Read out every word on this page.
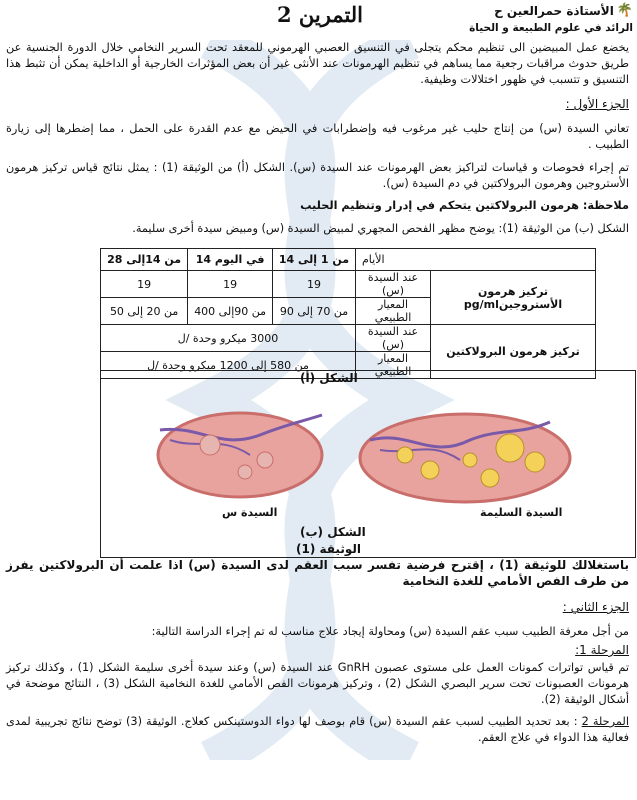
🌴
الأستاذة حمرالعين ح
التمرين 2
الرائد في علوم الطبيعة و الحياة
يخضع عمل المبيضين الى تنظيم محكم يتجلى في التنسيق العصبي الهرموني للمعقد تحت السرير النخامي خلال الدورة الجنسية عن طريق حدوث مراقبات رجعية مما يساهم في تنظيم الهرمونات عند الأنثى غير أن بعض المؤثرات الخارجية أو الداخلية يمكن أن تثبط هذا التنسيق و تتسبب في ظهور اختلالات وظيفية.
الجزء الأول :
تعاني السيدة (س) من إنتاج حليب غير مرغوب فيه وإضطرابات في الحيض مع عدم القدرة على الحمل ، مما إضطرها إلى زيارة الطبيب .
تم إجراء فحوصات و قياسات لتراكيز بعض الهرمونات عند السيدة (س). الشكل (أ) من الوثيقة (1) : يمثل نتائج قياس تركيز هرمون الأستروجين وهرمون البرولاكتين في دم السيدة (س).
ملاحظة: هرمون البرولاكتين يتحكم في إدرار وتنظيم الحليب
الشكل (ب) من الوثيقة (1): يوضح مظهر الفحص المجهري لمبيض السيدة (س) ومبيض سيدة أخرى سليمة.
الأيام		من 1 إلى 14	في اليوم 14	من 14إلى 28
تركيز هرمون الأستروجينpg/ml	عند السيدة (س)	19	19	19
	المعيار الطبيعي	من 70 إلى 90	من 90إلى 400	من 20 إلى 50
تركيز هرمون البرولاكتين	عند السيدة (س)	3000 ميكرو وحدة /ل		
	المعيار الطبيعي	من 580 إلى 1200 ميكرو وحدة /ل		
الشكل (أ)
السيدة السليمة
السيدة س
الشكل (ب)
الوثيقة (1)
باستغلالك للوثيقة (1) ، إقترح فرضية تفسر سبب العقم لدى السيدة (س) اذا علمت أن البرولاكتين يفرز من طرف الفص الأمامي للغدة النخامية
الجزء الثاني :
من أجل معرفة الطبيب سبب عقم السيدة (س) ومحاولة إيجاد علاج مناسب له تم إجراء الدراسة التالية:
المرحلة 1:
تم قياس تواترات كمونات العمل على مستوى عصبون GnRH عند السيدة (س) وعند سيدة أخرى سليمة الشكل (1) ، وكذلك تركيز هرمونات العصبونات تحت سرير البصري الشكل (2) ، وتركيز هرمونات الفص الأمامي للغدة النخامية الشكل (3) ، النتائج موضحة في أشكال الوثيقة (2).
المرحلة 2 : بعد تحديد الطبيب لسبب عقم السيدة (س) قام بوصف لها دواء الدوستينكس كعلاج. الوثيقة (3) توضح نتائج تجريبية لمدى فعالية هذا الدواء في علاج العقم.
